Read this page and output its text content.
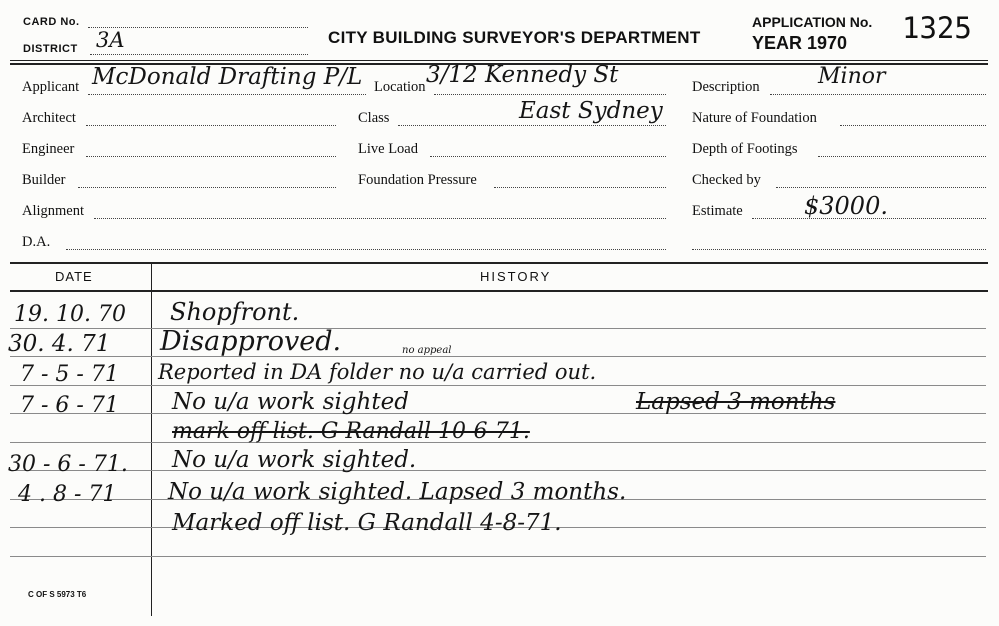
CARD No.
DISTRICT 3A	CITY BUILDING SURVEYOR'S DEPARTMENT
APPLICATION No. 1325
YEAR 1970
Applicant McDonald Drafting P/L
Architect
Engineer
Builder
Alignment
D.A.
Location 3/12 Kennedy St
Class	East Sydney
Live Load
Foundation Pressure
Description	Minor
Nature of Foundation
Depth of Footings
Checked by
Estimate	$3000.
DATE	HISTORY
19. 10. 70 Shopfront.
30. 4. 71 Disapproved.
7 - 5 - 71 Reported in DA folder no u/a carried out.
no appeal
7 - 6 - 71 No u/a work sighted	Lapsed 3 months
mark off list. G Randall 10-6-71.
30 - 6 - 71. No u/a work sighted.
4 . 8 - 71 No u/a work sighted. Lapsed 3 months.
Marked off list. G Randall 4-8-71.
C OF S 5973 T6
